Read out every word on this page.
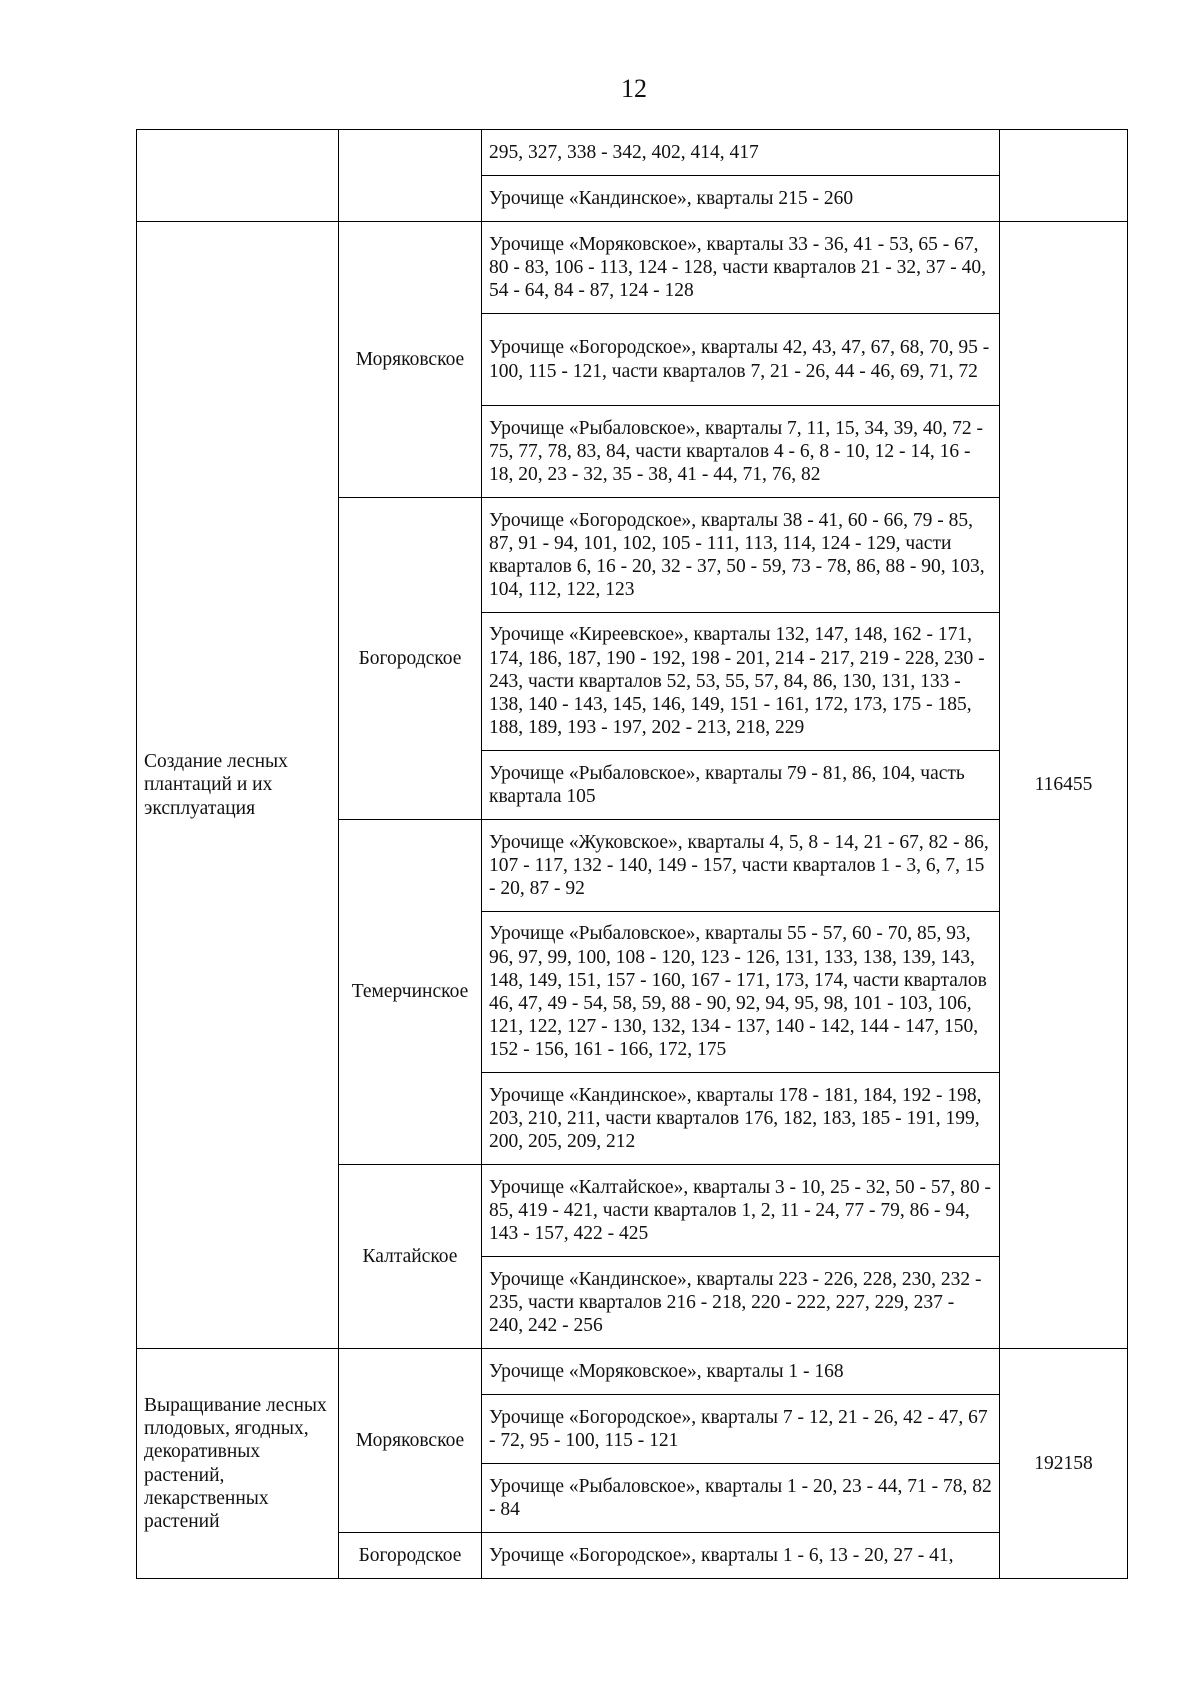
12
		295, 327, 338 - 342, 402, 414, 417	
		Урочище «Кандинское», кварталы 215 - 260	
Создание лесных плантаций и их эксплуатация	Моряковское	Урочище «Моряковское», кварталы 33 - 36, 41 - 53, 65 - 67, 80 - 83, 106 - 113, 124 - 128, части кварталов 21 - 32, 37 - 40, 54 - 64, 84 - 87, 124 - 128	116455
		Урочище «Богородское», кварталы 42, 43, 47, 67, 68, 70, 95 - 100, 115 - 121, части кварталов 7, 21 - 26, 44 - 46, 69, 71, 72	
		Урочище «Рыбаловское», кварталы 7, 11, 15, 34, 39, 40, 72 - 75, 77, 78, 83, 84, части кварталов 4 - 6, 8 - 10, 12 - 14, 16 - 18, 20, 23 - 32, 35 - 38, 41 - 44, 71, 76, 82	
	Богородское	Урочище «Богородское», кварталы 38 - 41, 60 - 66, 79 - 85, 87, 91 - 94, 101, 102, 105 - 111, 113, 114, 124 - 129, части кварталов 6, 16 - 20, 32 - 37, 50 - 59, 73 - 78, 86, 88 - 90, 103, 104, 112, 122, 123	
		Урочище «Киреевское», кварталы 132, 147, 148, 162 - 171, 174, 186, 187, 190 - 192, 198 - 201, 214 - 217, 219 - 228, 230 - 243, части кварталов 52, 53, 55, 57, 84, 86, 130, 131, 133 - 138, 140 - 143, 145, 146, 149, 151 - 161, 172, 173, 175 - 185, 188, 189, 193 - 197, 202 - 213, 218, 229	
		Урочище «Рыбаловское», кварталы 79 - 81, 86, 104, часть квартала 105	
	Темерчинское	Урочище «Жуковское», кварталы 4, 5, 8 - 14, 21 - 67, 82 - 86, 107 - 117, 132 - 140, 149 - 157, части кварталов 1 - 3, 6, 7, 15 - 20, 87 - 92	
		Урочище «Рыбаловское», кварталы 55 - 57, 60 - 70, 85, 93, 96, 97, 99, 100, 108 - 120, 123 - 126, 131, 133, 138, 139, 143, 148, 149, 151, 157 - 160, 167 - 171, 173, 174, части кварталов 46, 47, 49 - 54, 58, 59, 88 - 90, 92, 94, 95, 98, 101 - 103, 106, 121, 122, 127 - 130, 132, 134 - 137, 140 - 142, 144 - 147, 150, 152 - 156, 161 - 166, 172, 175	
		Урочище «Кандинское», кварталы 178 - 181, 184, 192 - 198, 203, 210, 211, части кварталов 176, 182, 183, 185 - 191, 199, 200, 205, 209, 212	
	Калтайское	Урочище «Калтайское», кварталы 3 - 10, 25 - 32, 50 - 57, 80 - 85, 419 - 421, части кварталов 1, 2, 11 - 24, 77 - 79, 86 - 94, 143 - 157, 422 - 425	
		Урочище «Кандинское», кварталы 223 - 226, 228, 230, 232 - 235, части кварталов 216 - 218, 220 - 222, 227, 229, 237 - 240, 242 - 256	

Выращивание лесных плодовых, ягодных, декоративных растений, лекарственных растений	Моряковское	Урочище «Моряковское», кварталы 1 - 168	192158
		Урочище «Богородское», кварталы 7 - 12, 21 - 26, 42 - 47, 67 - 72, 95 - 100, 115 - 121	
		Урочище «Рыбаловское», кварталы 1 - 20, 23 - 44, 71 - 78, 82 - 84	
	Богородское	Урочище «Богородское», кварталы 1 - 6, 13 - 20, 27 - 41,	
